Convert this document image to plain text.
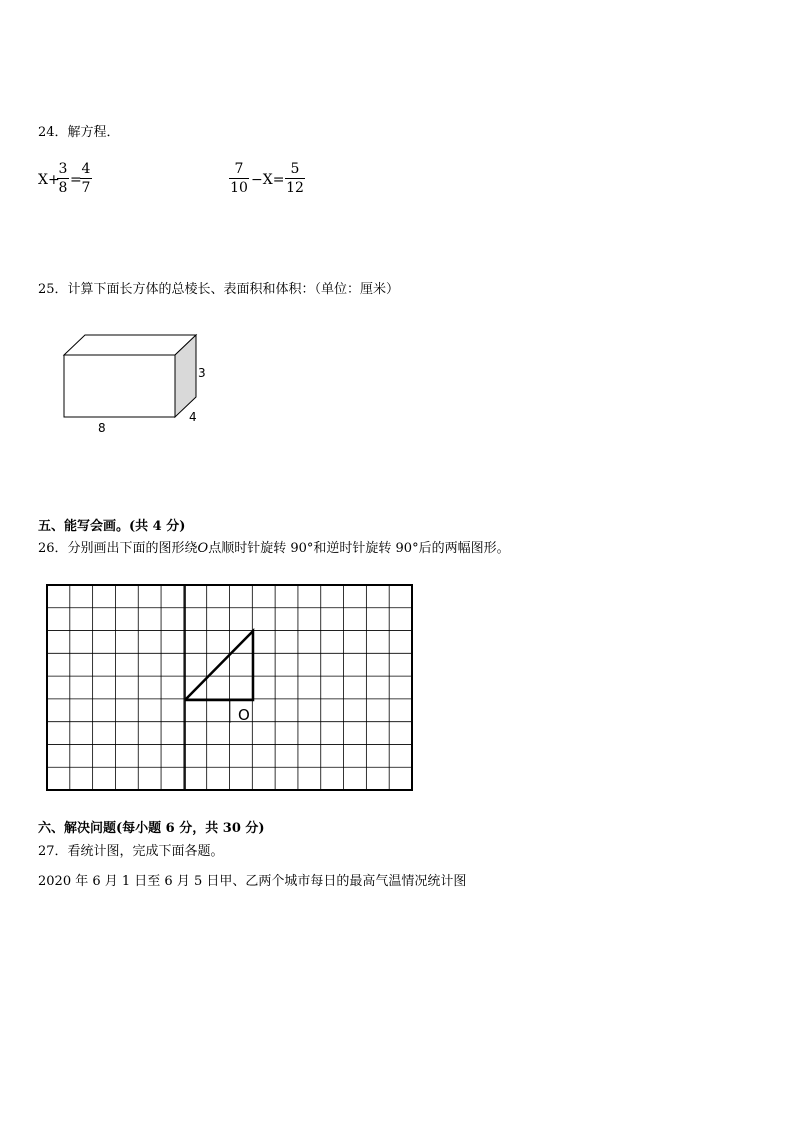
24．解方程．
X+
3
8 =
4
7
7
10 −X=
5
12
25．计算下面长方体的总棱长、表面积和体积：（单位：厘米）
3
4
8
五、能写会画。(共 4 分)
26．分别画出下面的图形绕O点顺时针旋转 90°和逆时针旋转 90°后的两幅图形。
O
六、解决问题(每小题 6 分，共 30 分)
27．看统计图，完成下面各题。
2020 年 6 月 1 日至 6 月 5 日甲、乙两个城市每日的最高气温情况统计图
